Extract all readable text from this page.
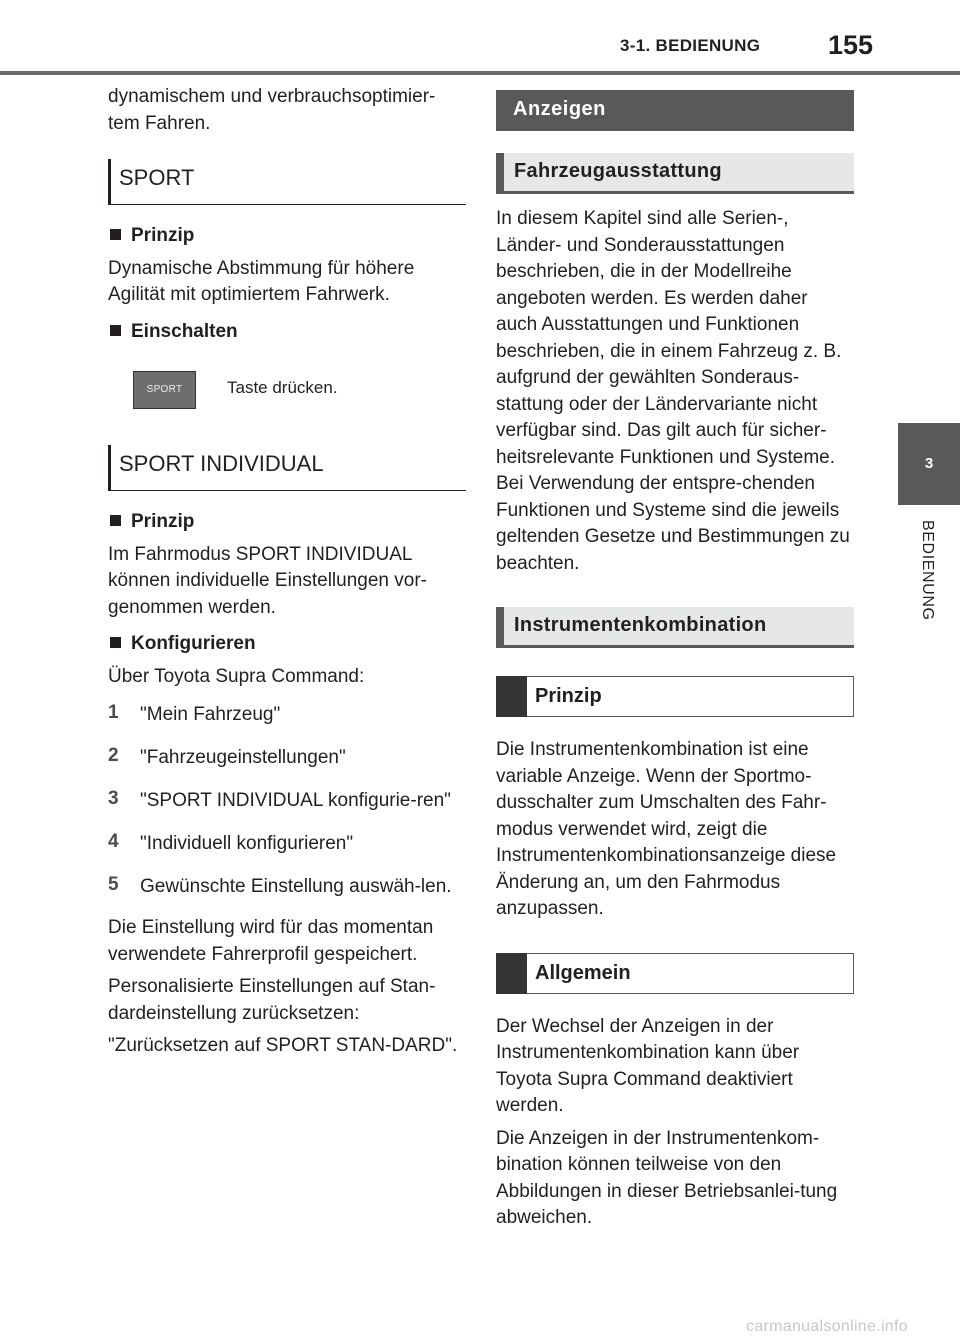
3-1. BEDIENUNG	155
3
BEDIENUNG

dynamischem und verbrauchsoptimier-tem Fahren.

SPORT
Prinzip

Dynamische Abstimmung für höhere Agilität mit optimiertem Fahrwerk.

Einschalten
SPORT	Taste drücken.
SPORT INDIVIDUAL
Prinzip

Im Fahrmodus SPORT INDIVIDUAL können individuelle Einstellungen vor-genommen werden.

Konfigurieren

Über Toyota Supra Command:

1	"Mein Fahrzeug"
2	"Fahrzeugeinstellungen"
3	"SPORT INDIVIDUAL konfigurie-ren"
4	"Individuell konfigurieren"
5	Gewünschte Einstellung auswäh-len.

Die Einstellung wird für das momentan verwendete Fahrerprofil gespeichert.

Personalisierte Einstellungen auf Stan-dardeinstellung zurücksetzen:

"Zurücksetzen auf SPORT STAN-DARD".

Anzeigen
Fahrzeugausstattung

In diesem Kapitel sind alle Serien-, Länder- und Sonderausstattungen beschrieben, die in der Modellreihe angeboten werden. Es werden daher auch Ausstattungen und Funktionen beschrieben, die in einem Fahrzeug z. B. aufgrund der gewählten Sonderaus-stattung oder der Ländervariante nicht verfügbar sind. Das gilt auch für sicher-heitsrelevante Funktionen und Systeme. Bei Verwendung der entspre-chenden Funktionen und Systeme sind die jeweils geltenden Gesetze und Bestimmungen zu beachten.

Instrumentenkombination
Prinzip

Die Instrumentenkombination ist eine variable Anzeige. Wenn der Sportmo-dusschalter zum Umschalten des Fahr-modus verwendet wird, zeigt die Instrumentenkombinationsanzeige diese Änderung an, um den Fahrmodus anzupassen.

Allgemein

Der Wechsel der Anzeigen in der Instrumentenkombination kann über Toyota Supra Command deaktiviert werden.

Die Anzeigen in der Instrumentenkom-bination können teilweise von den Abbildungen in dieser Betriebsanlei-tung abweichen.

carmanualsonline.info
